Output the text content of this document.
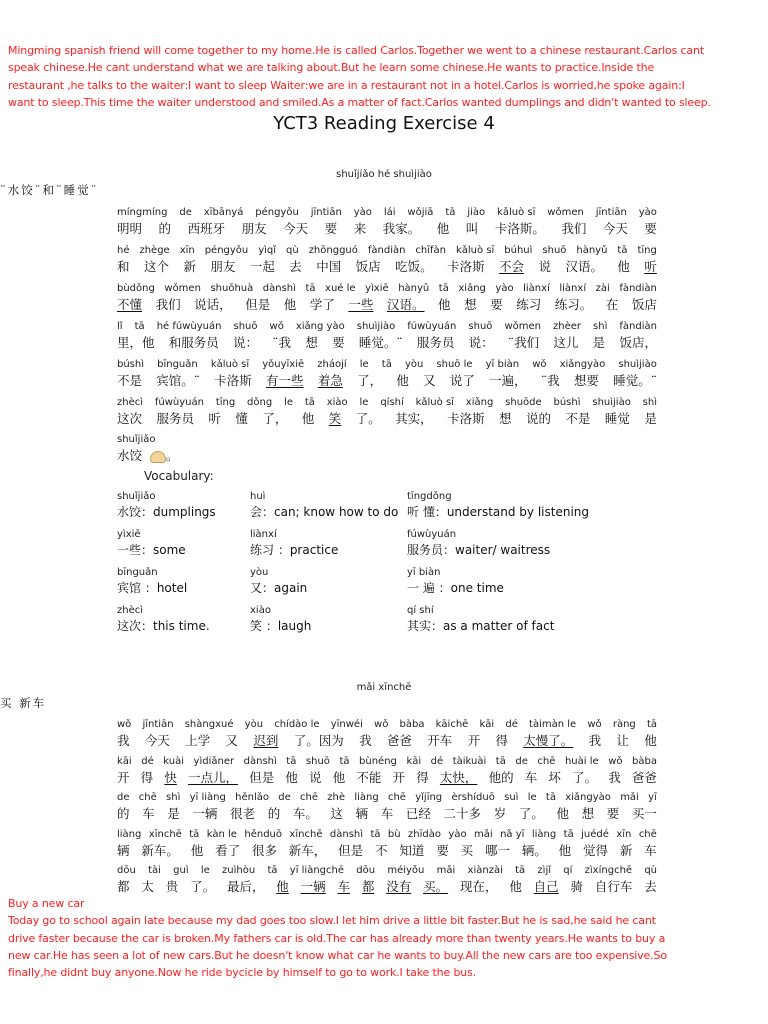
Mingming spanish friend will come together to my home.He is called Carlos.Together we went to a chinese restaurant.Carlos cant

speak chinese.He cant understand what we are talking about.But he learn some chinese.He wants to practice.Inside the

restaurant ,he talks to the waiter:I want to sleep Waiter:we are in a restaurant not in a hotel.Carlos is worried,he spoke again:I

want to sleep.This time the waiter understood and smiled.As a matter of fact.Carlos wanted dumplings and didn't wanted to sleep.

YCT3 Reading Exercise 4
shuǐjiǎo hé shuìjiào
¨水饺¨和¨睡觉¨
míngmíng de xībānyá péngyǒu jīntiān yào lái wǒjiā tā jiào kǎluò sī wǒmen jīntiān yào
明明 的 西班牙 朋友 今天 要 来 我家。 他 叫 卡洛斯。 我们 今天 要
hé zhège xīn péngyǒu yìqǐ qù zhōngguó fàndiàn chīfàn kǎluò sī búhuì shuō hànyǔ tā tīng
和 这个 新 朋友 一起 去 中国 饭店 吃饭。 卡洛斯 不会 说 汉语。 他 听
bùdǒng wǒmen shuōhuà dànshì tā xué le yìxiē hànyǔ tā xiǎng yào liànxí liànxí zài fàndiàn
不懂 我们 说话， 但是 他 学了 一些 汉语。 他 想 要 练习 练习。 在 饭店
lǐ tā hé fúwùyuán shuō wǒ xiǎng yào shuìjiào fúwùyuán shuō wǒmen zhèer shì fàndiàn
里，他 和服务员 说： ¨我 想 要 睡觉。¨ 服务员 说： ¨我们 这儿 是 饭店，
búshì bīnguǎn kǎluò sī yǒuyīxiē zháojí le tā yòu shuō le yī biàn wǒ xiǎngyào shuìjiào
不是 宾馆。¨ 卡洛斯 有一些 着急 了， 他 又 说了 一遍， ¨我 想要 睡觉。¨
zhècì fúwùyuán tīng dǒng le tā xiào le qíshí kǎluò sī xiǎng shuōde búshì shuìjiào shì
这次 服务员 听 懂 了， 他 笑 了。 其实， 卡洛斯 想 说的 不是 睡觉 是
shuǐjiǎo
水饺 。
Vocabulary:
shuǐjiǎo
水饺：dumplings
huì
会：can; know how to do
tīngdǒng
听 懂：understand by listening
yìxiē
一些：some
liànxí
练习 ：practice
fúwùyuán
服务员：waiter/ waitress
bīnguǎn
宾馆 ：hotel
yòu
又：again
yī biàn
一 遍 ：one time
zhècì
这次：this time.
xiào
笑 ：laugh
qí shí
其实：as a matter of fact
mǎi xīnchē
买 新车
wǒ jīntiān shàngxué yòu chídào le yīnwéi wǒ bàba kāichē kāi dé tàimàn le wǒ ràng tā
我 今天 上学 又 迟到 了。因为 我 爸爸 开车 开 得 太慢了。 我 让 他
kāi dé kuài yìdiǎner dànshì tā shuō tā bùnéng kāi dé tàikuài tā de chē huài le wǒ bàba
开 得 快 一点儿， 但是 他 说 他 不能 开 得 太快， 他的 车 坏 了。 我 爸爸
de chē shì yī liàng hěnlǎo de chē zhè liàng chē yǐjīng èrshíduō suì le tā xiǎngyào mǎi yī
的 车 是 一辆 很老 的 车。 这 辆 车 已经 二十多 岁 了。 他 想 要 买一
liàng xīnchē tā kàn le hěnduō xīnchē dànshì tā bù zhīdào yào mǎi nǎ yī liàng tā juédé xīn chē
辆 新车。 他 看了 很多 新车， 但是 不 知道 要 买 哪一 辆。 他 觉得 新 车
dōu tài guì le zuìhòu tā yī liàngchē dōu méiyǒu mǎi xiànzài tā zìjǐ qí zìxíngchē qù
都 太 贵 了。 最后， 他 一辆 车 都 没有 买。 现在， 他 自己 骑 自行车 去

Buy a new car

Today go to school again late because my dad goes too slow.I let him drive a little bit faster.But he is sad,he said he cant

drive faster because the car is broken.My fathers car is old.The car has already more than twenty years.He wants to buy a

new car.He has seen a lot of new cars.But he doesn't know what car he wants to buy.All the new cars are too expensive.So

finally,he didnt buy anyone.Now he ride bycicle by himself to go to work.I take the bus.
